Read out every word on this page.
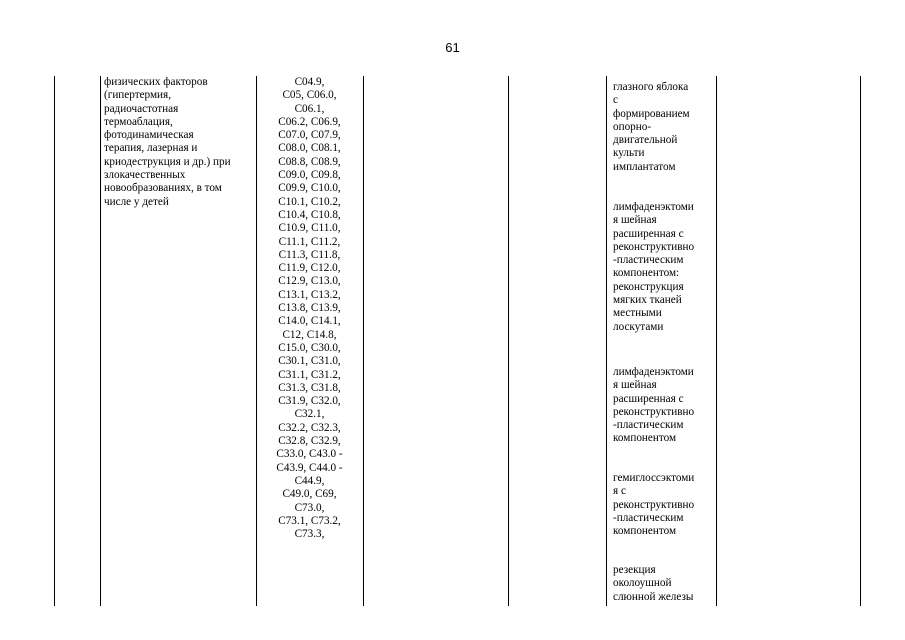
61
физических факторов
(гипертермия,
радиочастотная
термоаблация,
фотодинамическая
терапия, лазерная и
криодеструкция и др.) при
злокачественных
новообразованиях, в том
числе у детей
C04.9,
C05, C06.0,
C06.1,
C06.2, C06.9,
C07.0, C07.9,
C08.0, C08.1,
C08.8, C08.9,
C09.0, C09.8,
C09.9, C10.0,
C10.1, C10.2,
C10.4, C10.8,
C10.9, C11.0,
C11.1, C11.2,
C11.3, C11.8,
C11.9, C12.0,
C12.9, C13.0,
C13.1, C13.2,
C13.8, C13.9,
C14.0, C14.1,
C12, C14.8,
C15.0, C30.0,
C30.1, C31.0,
C31.1, C31.2,
C31.3, C31.8,
C31.9, C32.0,
C32.1,
C32.2, C32.3,
C32.8, C32.9,
C33.0, C43.0 -
C43.9, C44.0 -
C44.9,
C49.0, C69,
C73.0,
C73.1, C73.2,
C73.3,
глазного яблока
с
формированием
опорно-
двигательной
культи
имплантатом
лимфаденэктоми
я шейная
расширенная с
реконструктивно
-пластическим
компонентом:
реконструкция
мягких тканей
местными
лоскутами
лимфаденэктоми
я шейная
расширенная с
реконструктивно
-пластическим
компонентом
гемиглоссэктоми
я с
реконструктивно
-пластическим
компонентом
резекция
околоушной
слюнной железы
